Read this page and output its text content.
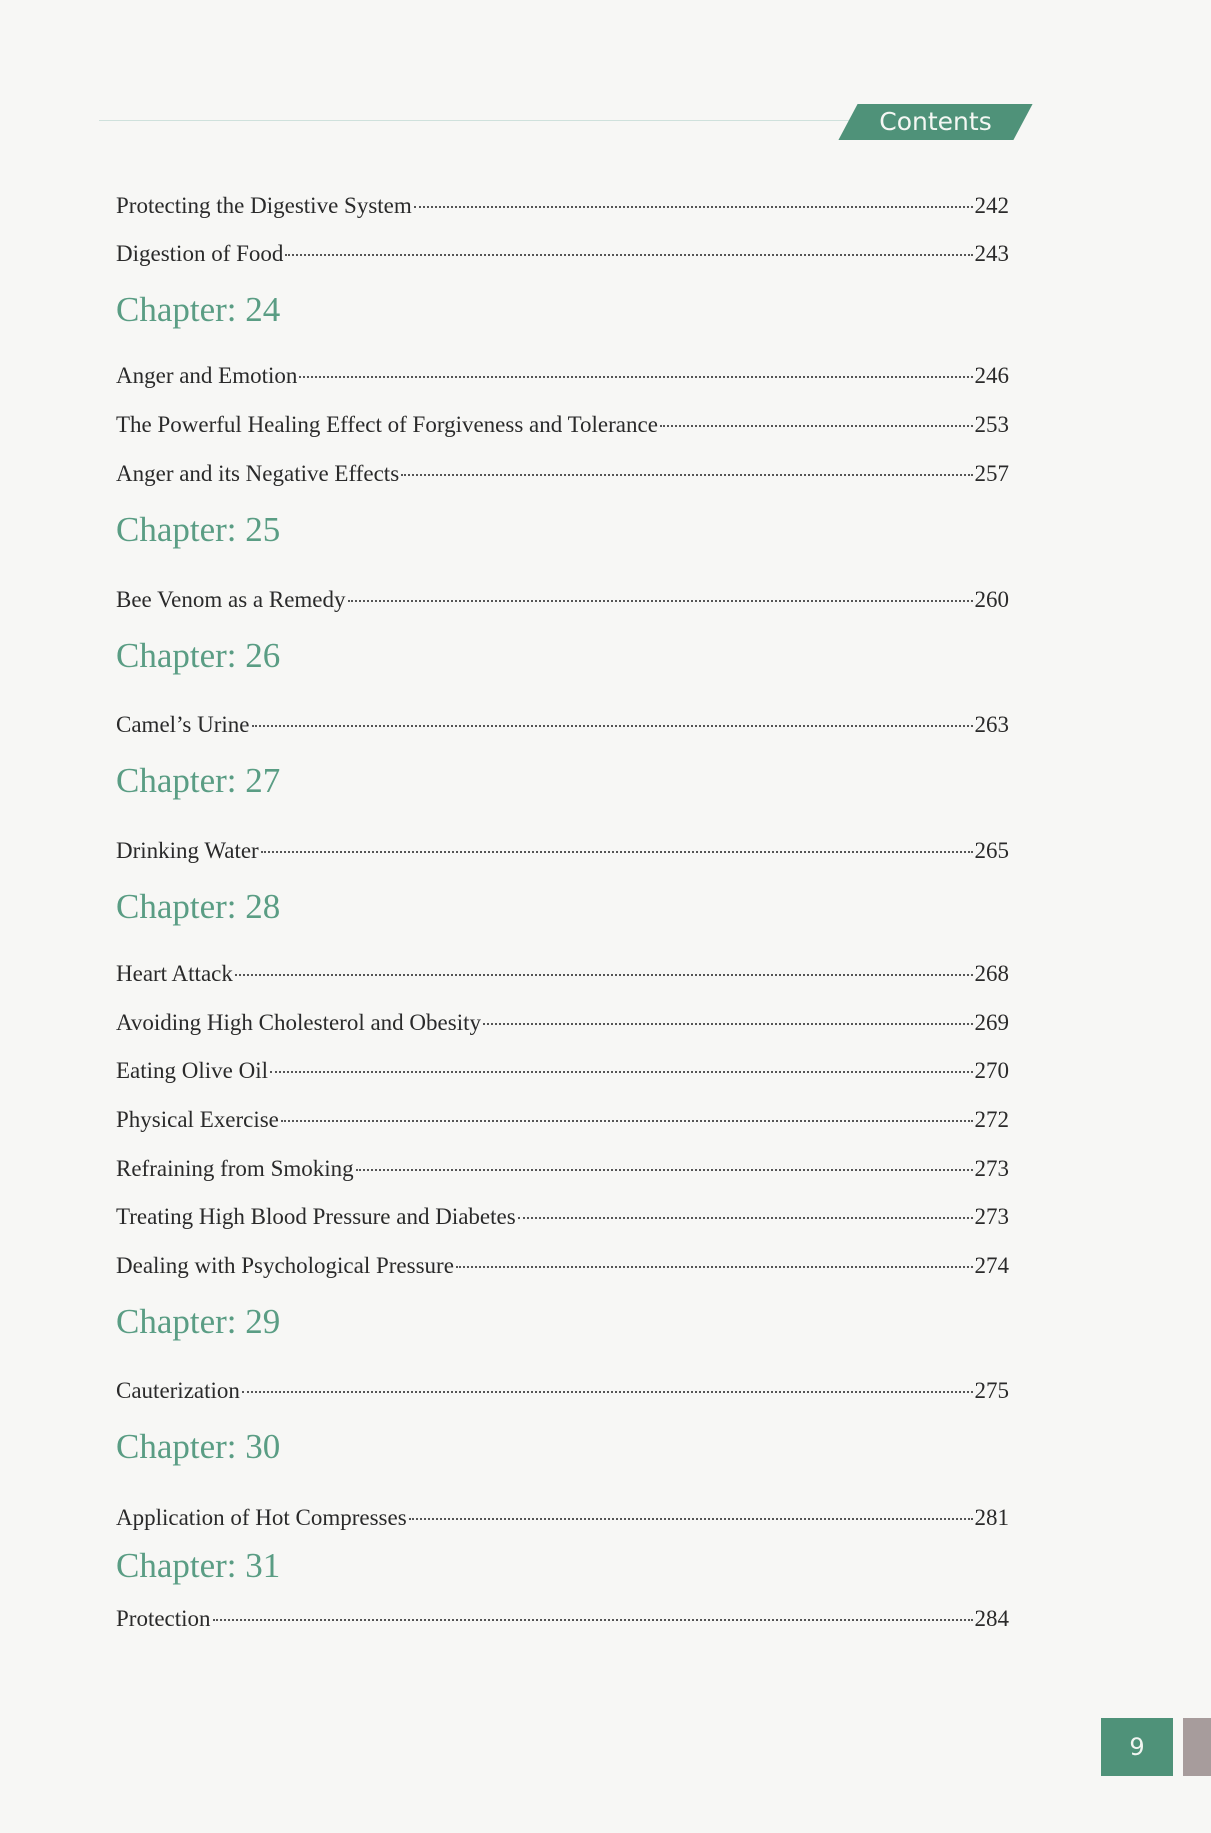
Contents
Protecting the Digestive System	242
Digestion of Food	243
Chapter: 24
Anger and Emotion	246
The Powerful Healing Effect of Forgiveness and Tolerance	253
Anger and its Negative Effects	257
Chapter: 25
Bee Venom as a Remedy	260
Chapter: 26
Camel’s Urine	263
Chapter: 27
Drinking Water	265
Chapter: 28
Heart Attack	268
Avoiding High Cholesterol and Obesity	269
Eating Olive Oil	270
Physical Exercise	272
Refraining from Smoking	273
Treating High Blood Pressure and Diabetes	273
Dealing with Psychological Pressure	274
Chapter: 29
Cauterization	275
Chapter: 30
Application of Hot Compresses	281
Chapter: 31
Protection	284
9
